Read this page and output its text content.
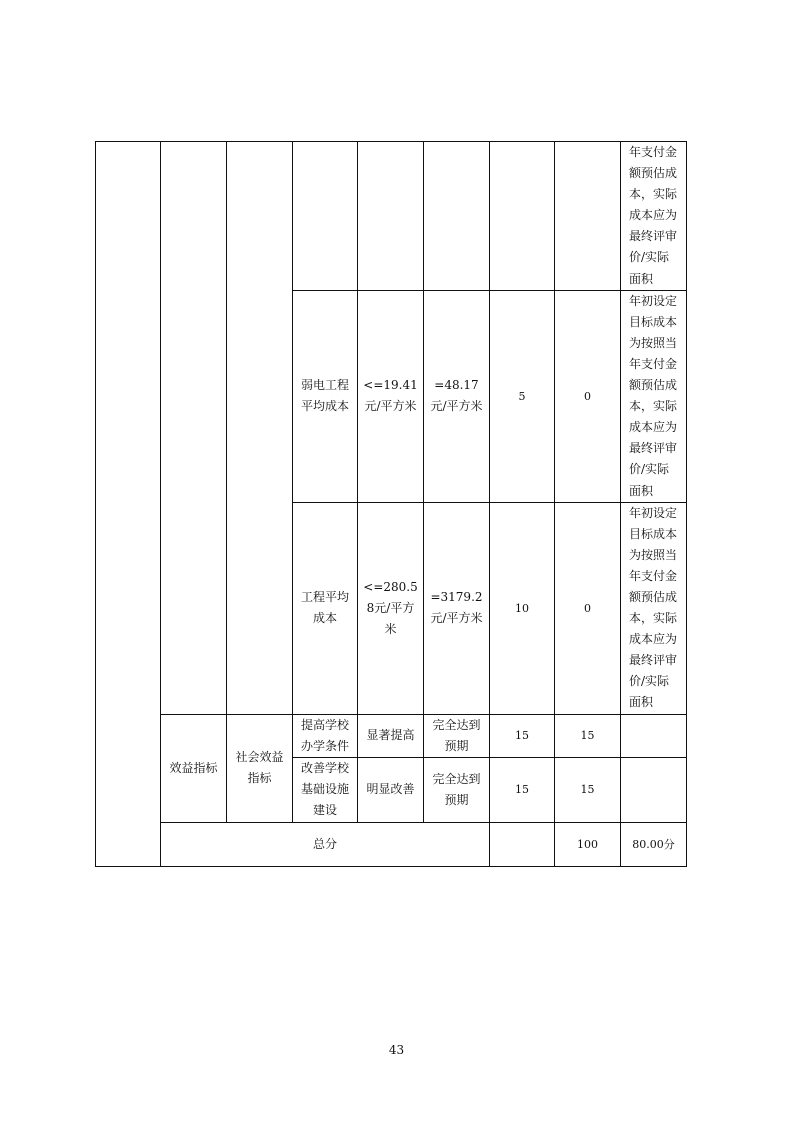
								年支付金额预估成本，实际成本应为最终评审价/实际面积	
			弱电工程平均成本	<=19.41元/平方米	=48.17元/平方米	5	0	年初设定目标成本为按照当年支付金额预估成本，实际成本应为最终评审价/实际面积	
			工程平均成本	<=280.58元/平方米	=3179.2元/平方米	10	0	年初设定目标成本为按照当年支付金额预估成本，实际成本应为最终评审价/实际面积	
	效益指标	社会效益指标	提高学校办学条件	显著提高	完全达到预期	15	15		
			改善学校基础设施建设	明显改善	完全达到预期	15	15		
	总分						100	80.00分	
43
